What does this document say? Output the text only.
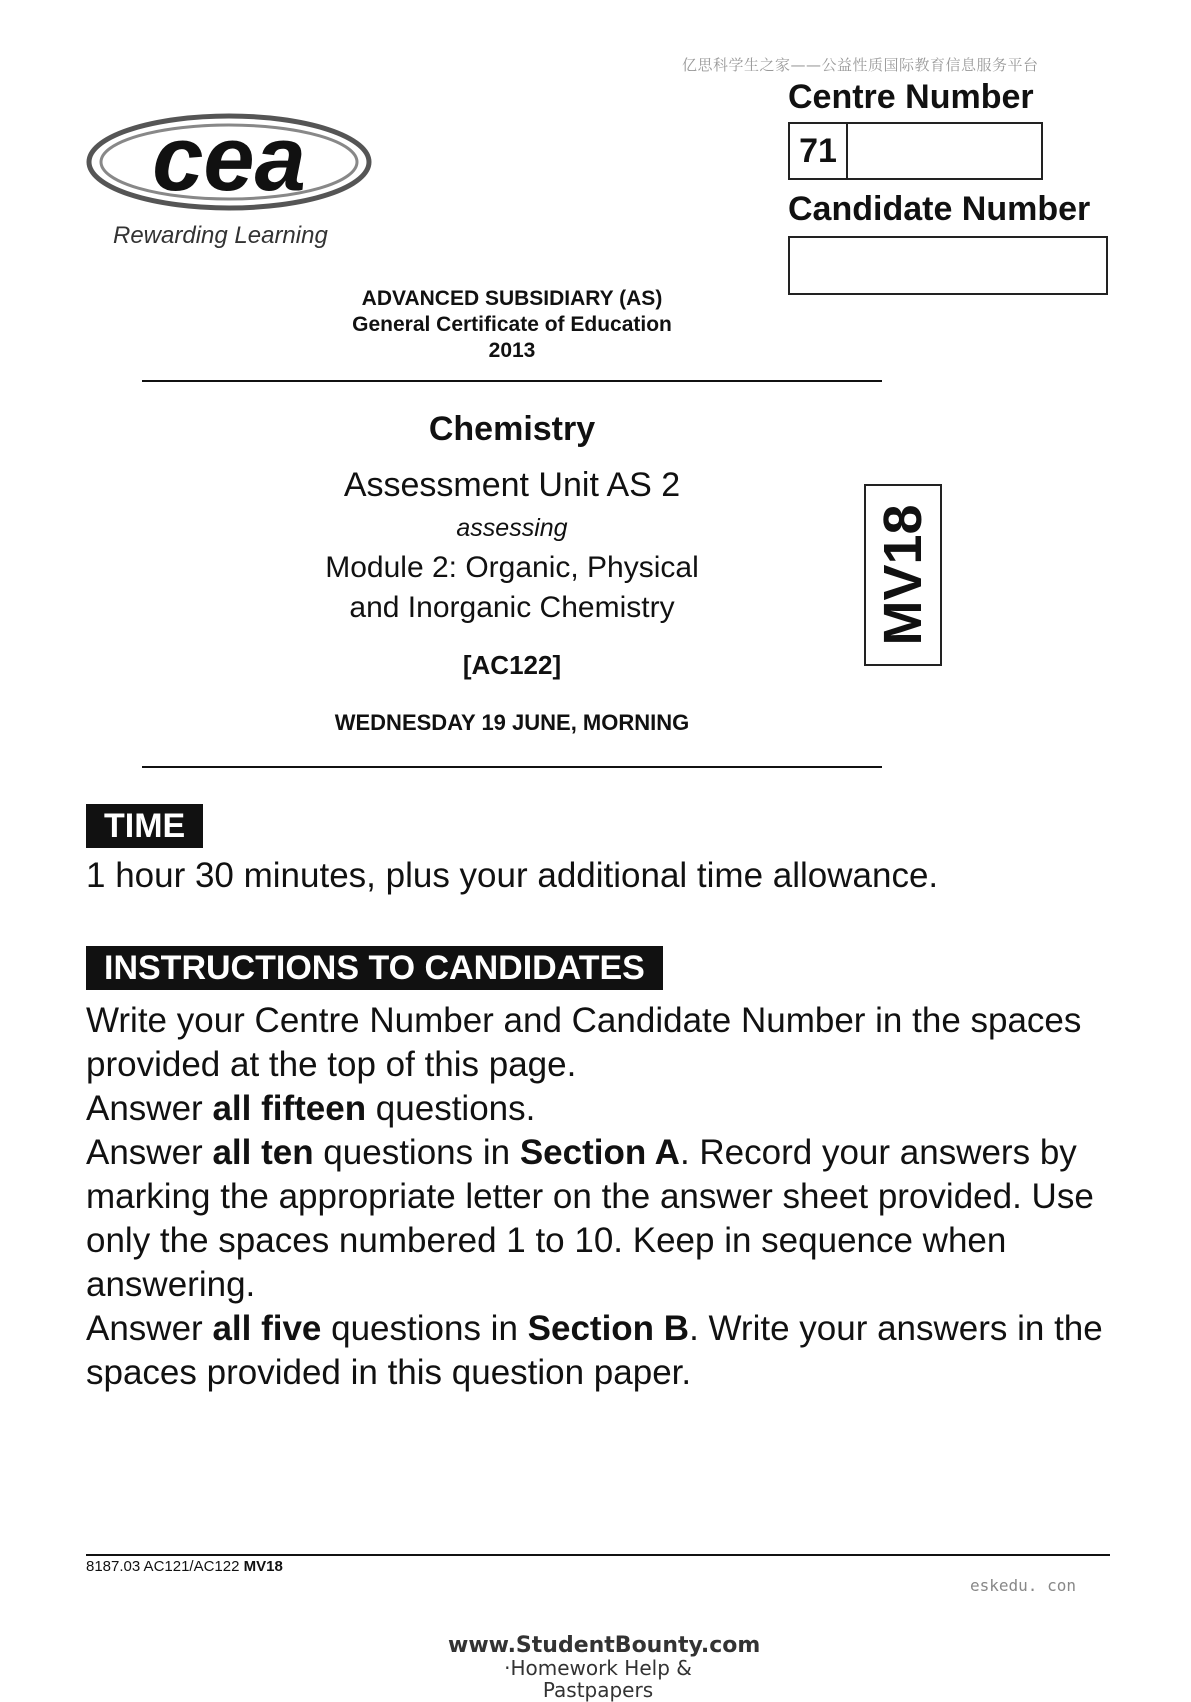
亿思科学生之家——公益性质国际教育信息服务平台
cea
Rewarding Learning
Centre Number
71
Candidate Number
ADVANCED SUBSIDIARY (AS)
General Certificate of Education
2013
Chemistry
Assessment Unit AS 2
assessing
Module 2: Organic, Physical
and Inorganic Chemistry
[AC122]
WEDNESDAY 19 JUNE, MORNING
MV18
TIME
1 hour 30 minutes, plus your additional time allowance.
INSTRUCTIONS TO CANDIDATES

Write your Centre Number and Candidate Number in the spaces provided at the top of this page.

Answer all fifteen questions.

Answer all ten questions in Section A. Record your answers by marking the appropriate letter on the answer sheet provided. Use only the spaces numbered 1 to 10. Keep in sequence when answering.

Answer all five questions in Section B. Write your answers in the spaces provided in this question paper.

8187.03 AC121/AC122 MV18
eskedu. con
www.StudentBounty.com
·Homework Help & Pastpapers
